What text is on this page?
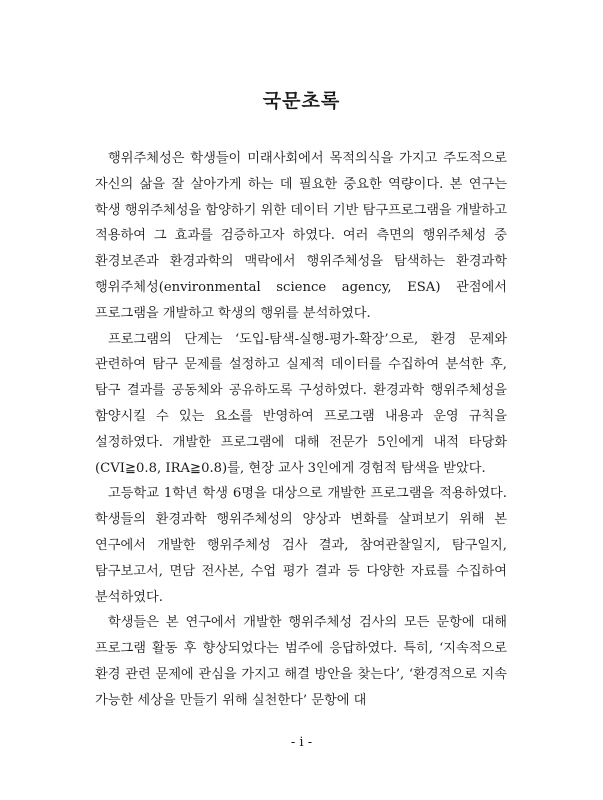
국문초록

행위주체성은 학생들이 미래사회에서 목적의식을 가지고 주도적으로 자신의 삶을 잘 살아가게 하는 데 필요한 중요한 역량이다. 본 연구는 학생 행위주체성을 함양하기 위한 데이터 기반 탐구프로그램을 개발하고 적용하여 그 효과를 검증하고자 하였다. 여러 측면의 행위주체성 중 환경보존과 환경과학의 맥락에서 행위주체성을 탐색하는 환경과학 행위주체성(environmental science agency, ESA) 관점에서 프로그램을 개발하고 학생의 행위를 분석하였다.

프로그램의 단계는 ‘도입-탐색-실행-평가-확장’으로, 환경 문제와 관련하여 탐구 문제를 설정하고 실제적 데이터를 수집하여 분석한 후, 탐구 결과를 공동체와 공유하도록 구성하였다. 환경과학 행위주체성을 함양시킬 수 있는 요소를 반영하여 프로그램 내용과 운영 규칙을 설정하였다. 개발한 프로그램에 대해 전문가 5인에게 내적 타당화(CVI≧0.8, IRA≧0.8)를, 현장 교사 3인에게 경험적 탐색을 받았다.

고등학교 1학년 학생 6명을 대상으로 개발한 프로그램을 적용하였다. 학생들의 환경과학 행위주체성의 양상과 변화를 살펴보기 위해 본 연구에서 개발한 행위주체성 검사 결과, 참여관찰일지, 탐구일지, 탐구보고서, 면담 전사본, 수업 평가 결과 등 다양한 자료를 수집하여 분석하였다.

학생들은 본 연구에서 개발한 행위주체성 검사의 모든 문항에 대해 프로그램 활동 후 향상되었다는 범주에 응답하였다. 특히, ‘지속적으로 환경 관련 문제에 관심을 가지고 해결 방안을 찾는다’, ‘환경적으로 지속 가능한 세상을 만들기 위해 실천한다’ 문항에 대

- i -
